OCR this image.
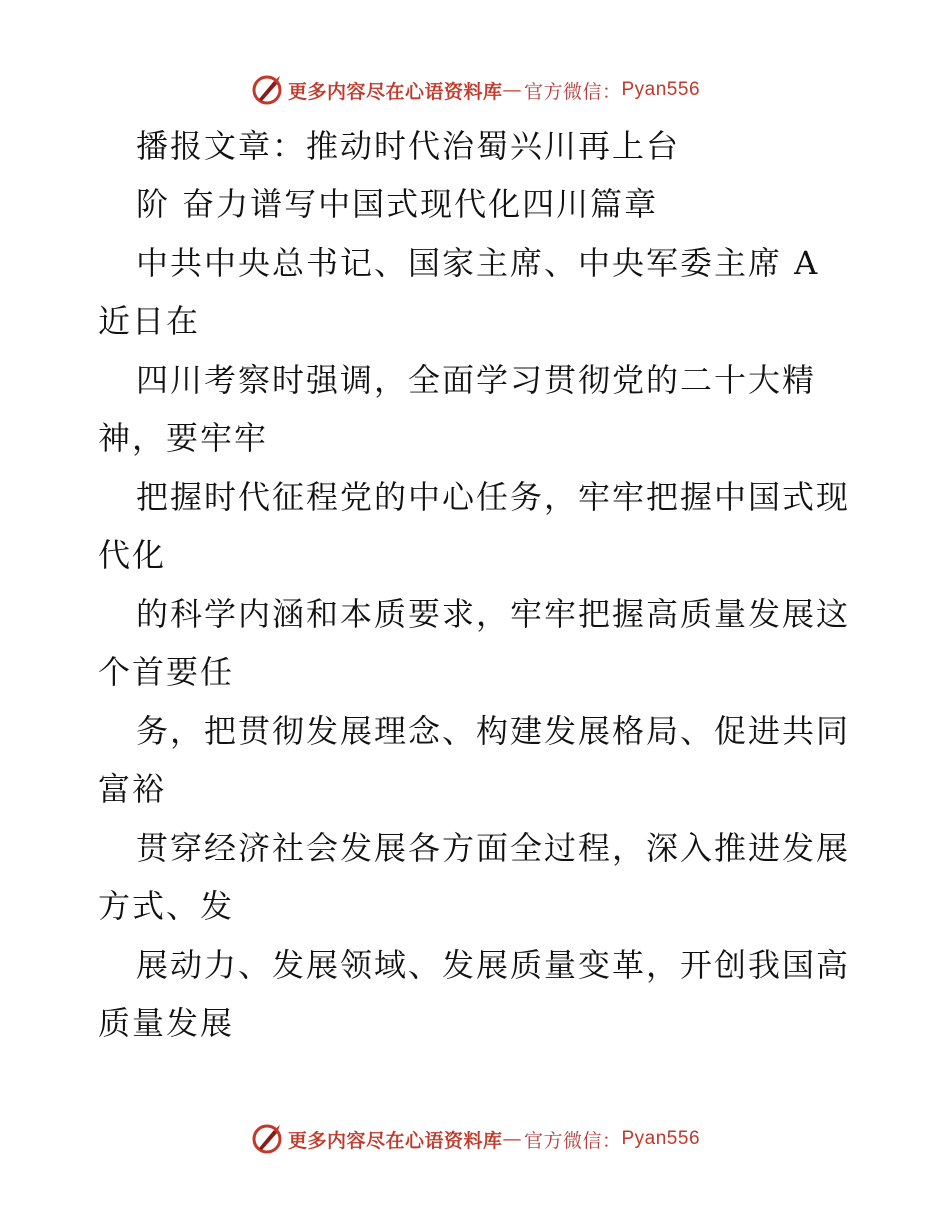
更多内容尽在心语资料库 — 官方微信： Pyan556
播报文章：推动时代治蜀兴川再上台
阶 奋力谱写中国式现代化四川篇章
中共中央总书记、国家主席、中央军委主席 A
近日在
四川考察时强调，全面学习贯彻党的二十大精
神，要牢牢
把握时代征程党的中心任务，牢牢把握中国式现
代化
的科学内涵和本质要求，牢牢把握高质量发展这
个首要任
务，把贯彻发展理念、构建发展格局、促进共同
富裕
贯穿经济社会发展各方面全过程，深入推进发展
方式、发
展动力、发展领域、发展质量变革，开创我国高
质量发展
更多内容尽在心语资料库 — 官方微信： Pyan556
